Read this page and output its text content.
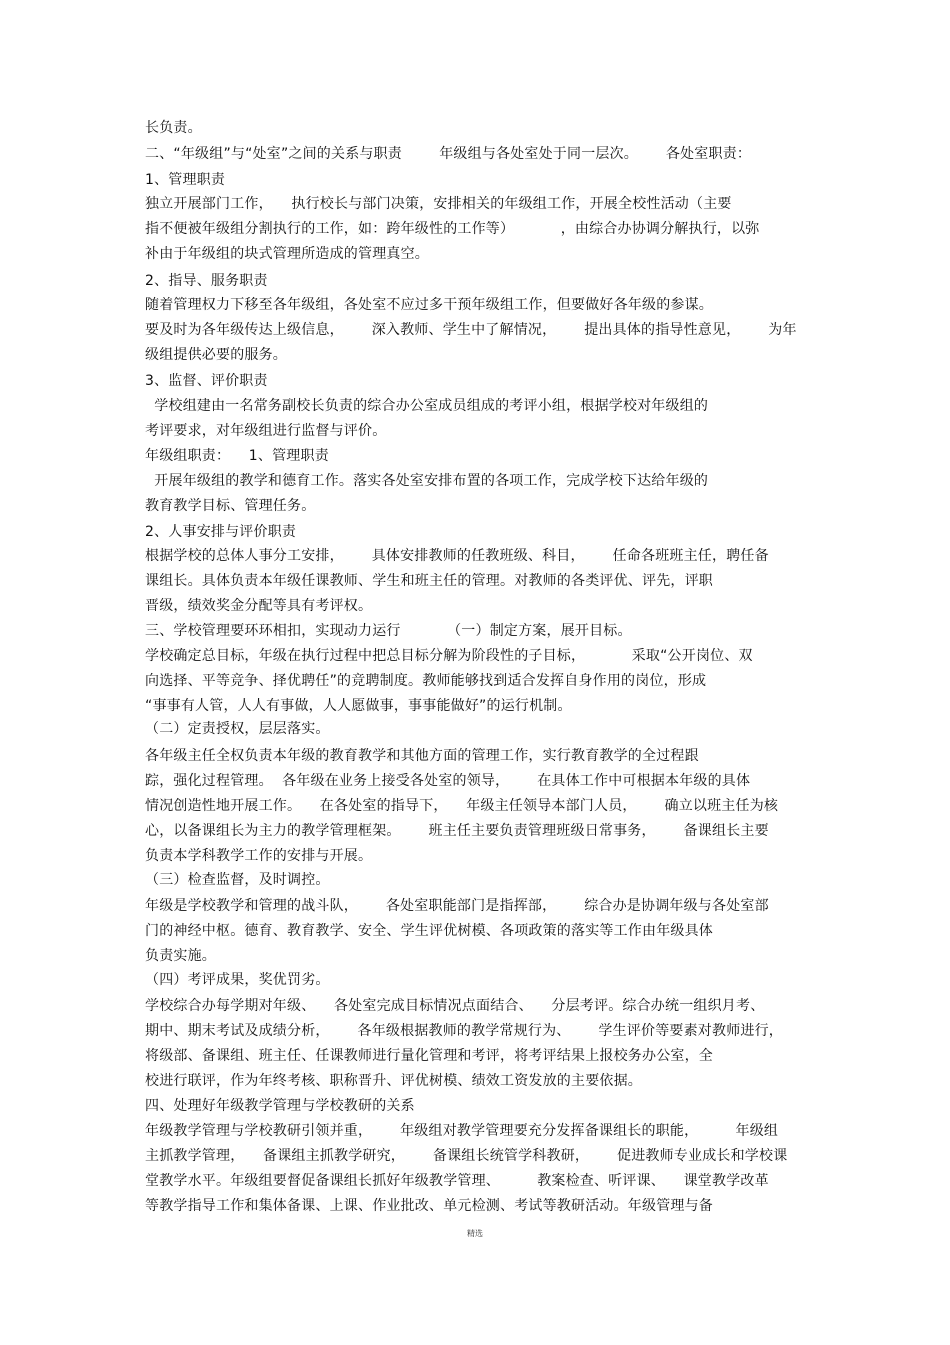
长负责。
二、“年级组”与“处室”之间的关系与职责        年级组与各处室处于同一层次。      各处室职责：
1、管理职责
独立开展部门工作，    执行校长与部门决策，安排相关的年级组工作，开展全校性活动（主要
指不便被年级组分割执行的工作，如：跨年级性的工作等）          ，由综合办协调分解执行，以弥
补由于年级组的块式管理所造成的管理真空。
2、指导、服务职责
随着管理权力下移至各年级组，各处室不应过多干预年级组工作，但要做好各年级的参谋。
要及时为各年级传达上级信息，      深入教师、学生中了解情况，      提出具体的指导性意见，      为年
级组提供必要的服务。
3、监督、评价职责
学校组建由一名常务副校长负责的综合办公室成员组成的考评小组，根据学校对年级组的
考评要求，对年级组进行监督与评价。
年级组职责：    1、管理职责
开展年级组的教学和德育工作。落实各处室安排布置的各项工作，完成学校下达给年级的
教育教学目标、管理任务。
2、人事安排与评价职责
根据学校的总体人事分工安排，      具体安排教师的任教班级、科目，      任命各班班主任，聘任备
课组长。具体负责本年级任课教师、学生和班主任的管理。对教师的各类评优、评先，评职
晋级，绩效奖金分配等具有考评权。
三、学校管理要环环相扣，实现动力运行          （一）制定方案，展开目标。
学校确定总目标，年级在执行过程中把总目标分解为阶段性的子目标，          采取“公开岗位、双
向选择、平等竞争、择优聘任”的竞聘制度。教师能够找到适合发挥自身作用的岗位，形成
“事事有人管，人人有事做，人人愿做事，事事能做好”的运行机制。
（二）定责授权，层层落实。
各年级主任全权负责本年级的教育教学和其他方面的管理工作，实行教育教学的全过程跟
踪，强化过程管理。  各年级在业务上接受各处室的领导，      在具体工作中可根据本年级的具体
情况创造性地开展工作。    在各处室的指导下，    年级主任领导本部门人员，      确立以班主任为核
心，以备课组长为主力的教学管理框架。      班主任主要负责管理班级日常事务，      备课组长主要
负责本学科教学工作的安排与开展。
（三）检查监督，及时调控。
年级是学校教学和管理的战斗队，      各处室职能部门是指挥部，      综合办是协调年级与各处室部
门的神经中枢。德育、教育教学、安全、学生评优树模、各项政策的落实等工作由年级具体
负责实施。
（四）考评成果，奖优罚劣。
学校综合办每学期对年级、    各处室完成目标情况点面结合、    分层考评。综合办统一组织月考、
期中、期末考试及成绩分析，      各年级根据教师的教学常规行为、      学生评价等要素对教师进行，
将级部、备课组、班主任、任课教师进行量化管理和考评，将考评结果上报校务办公室，全
校进行联评，作为年终考核、职称晋升、评优树模、绩效工资发放的主要依据。
四、处理好年级教学管理与学校教研的关系
年级教学管理与学校教研引领并重，      年级组对教学管理要充分发挥备课组长的职能，        年级组
主抓教学管理，    备课组主抓教学研究，      备课组长统管学科教研，      促进教师专业成长和学校课
堂教学水平。年级组要督促备课组长抓好年级教学管理、        教案检查、听评课、    课堂教学改革
等教学指导工作和集体备课、上课、作业批改、单元检测、考试等教研活动。年级管理与备
精选
